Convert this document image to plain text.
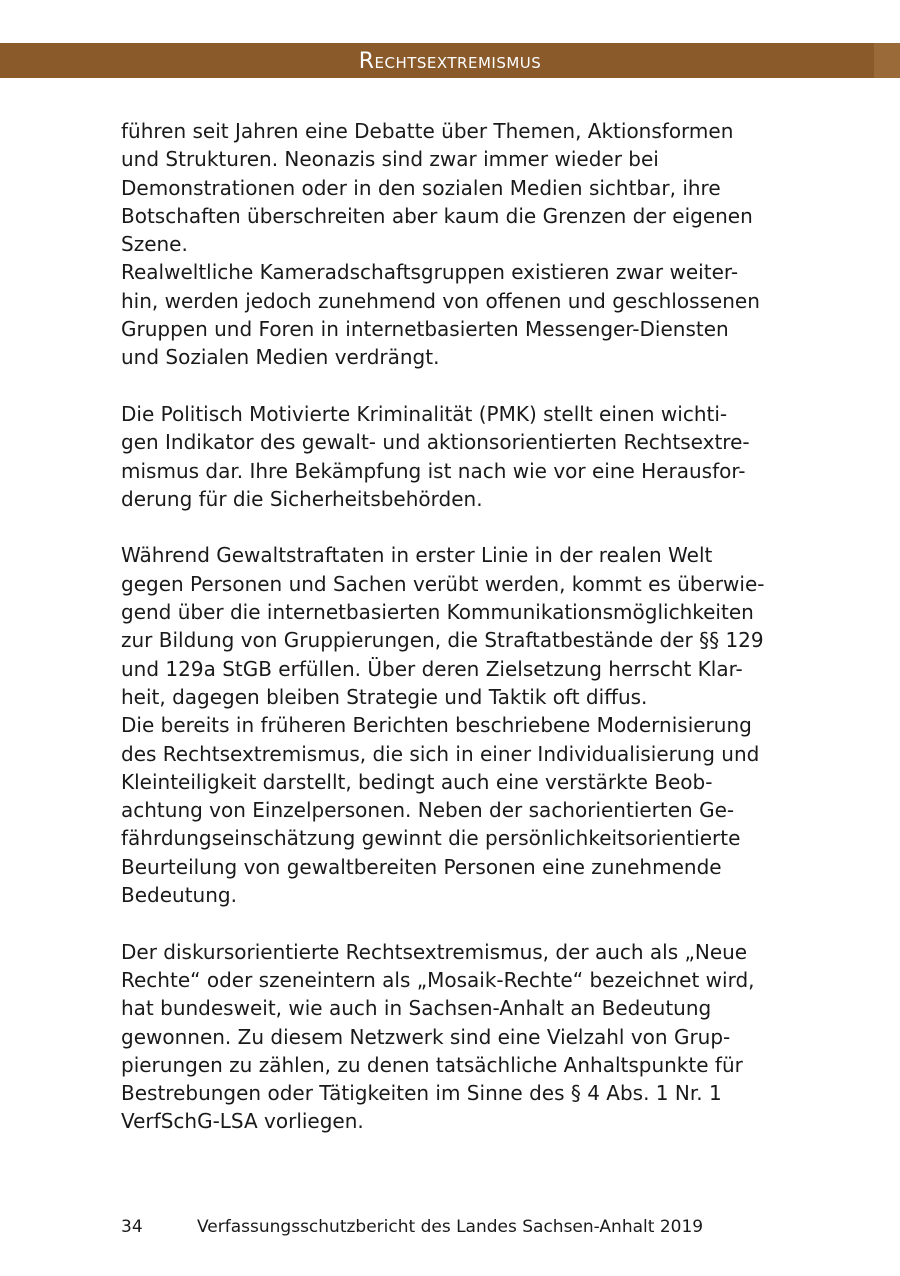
Rechtsextremismus

führen seit Jahren eine Debatte über Themen, Aktionsformen
und Strukturen. Neonazis sind zwar immer wieder bei
Demonstrationen oder in den sozialen Medien sichtbar, ihre
Botschaften überschreiten aber kaum die Grenzen der eigenen
Szene.

Realweltliche Kameradschaftsgruppen existieren zwar weiter-
hin, werden jedoch zunehmend von offenen und geschlossenen
Gruppen und Foren in internetbasierten Messenger-Diensten
und Sozialen Medien verdrängt.

Die Politisch Motivierte Kriminalität (PMK) stellt einen wichti-
gen Indikator des gewalt- und aktionsorientierten Rechtsextre-
mismus dar. Ihre Bekämpfung ist nach wie vor eine Herausfor-
derung für die Sicherheitsbehörden.

Während Gewaltstraftaten in erster Linie in der realen Welt
gegen Personen und Sachen verübt werden, kommt es überwie-
gend über die internetbasierten Kommunikationsmöglichkeiten
zur Bildung von Gruppierungen, die Straftatbestände der §§ 129
und 129a StGB erfüllen. Über deren Zielsetzung herrscht Klar-
heit, dagegen bleiben Strategie und Taktik oft diffus.

Die bereits in früheren Berichten beschriebene Modernisierung
des Rechtsextremismus, die sich in einer Individualisierung und
Kleinteiligkeit darstellt, bedingt auch eine verstärkte Beob-
achtung von Einzelpersonen. Neben der sachorientierten Ge-
fährdungseinschätzung gewinnt die persönlichkeitsorientierte
Beurteilung von gewaltbereiten Personen eine zunehmende
Bedeutung.

Der diskursorientierte Rechtsextremismus, der auch als „Neue
Rechte“ oder szeneintern als „Mosaik-Rechte“ bezeichnet wird,
hat bundesweit, wie auch in Sachsen-Anhalt an Bedeutung
gewonnen. Zu diesem Netzwerk sind eine Vielzahl von Grup-
pierungen zu zählen, zu denen tatsächliche Anhaltspunkte für
Bestrebungen oder Tätigkeiten im Sinne des § 4 Abs. 1 Nr. 1
VerfSchG-LSA vorliegen.

34	Verfassungsschutzbericht des Landes Sachsen-Anhalt 2019
